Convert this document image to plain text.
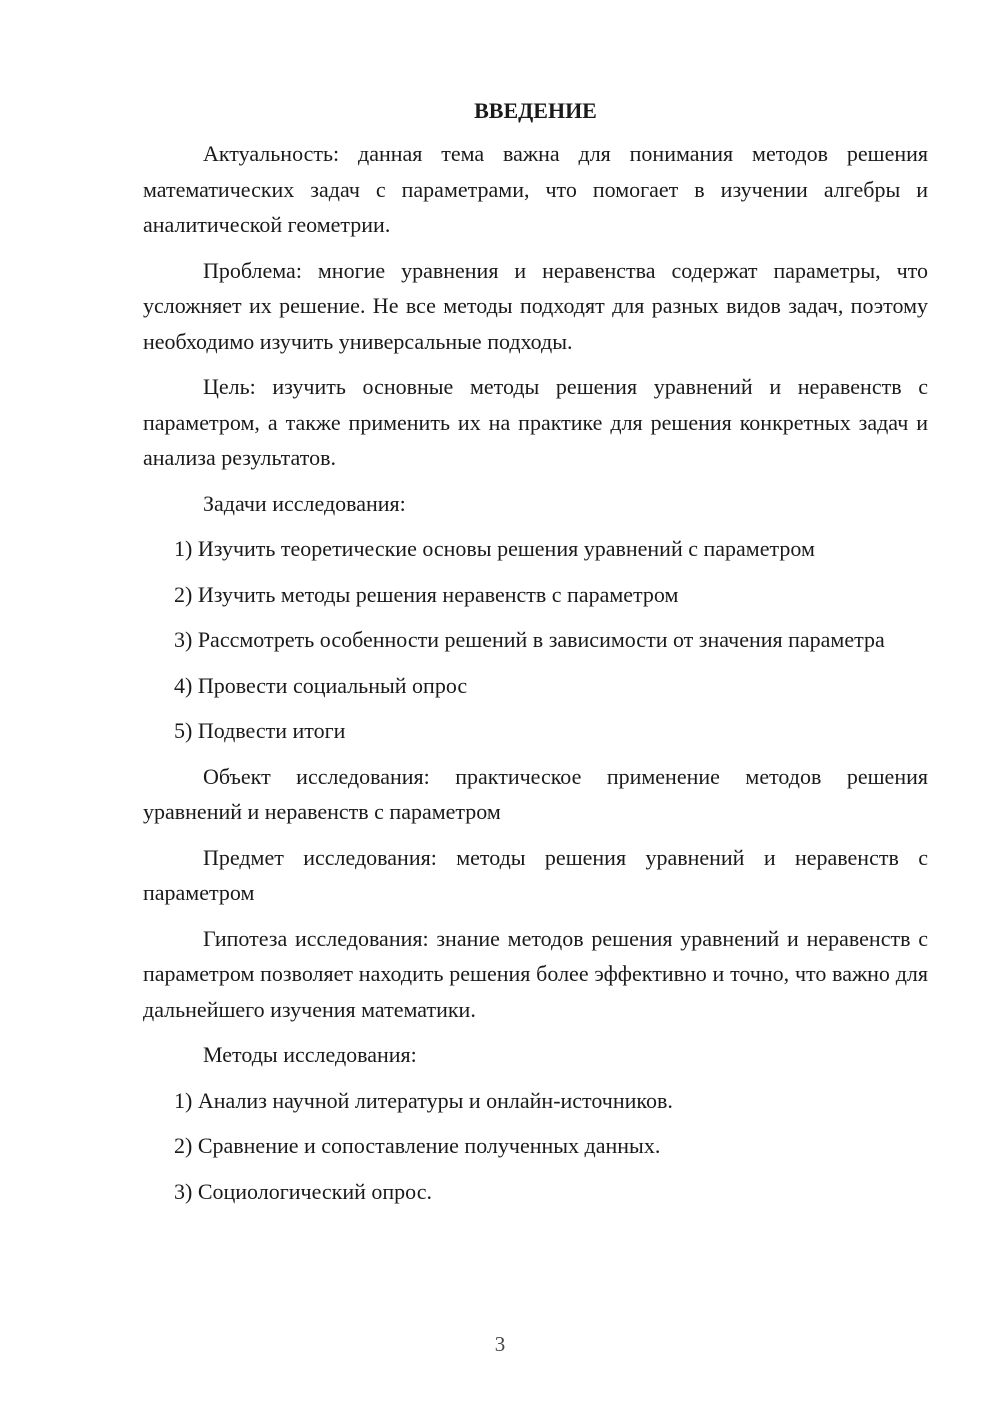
ВВЕДЕНИЕ

Актуальность: данная тема важна для понимания методов решения математических задач с параметрами, что помогает в изучении алгебры и аналитической геометрии.

Проблема: многие уравнения и неравенства содержат параметры, что усложняет их решение. Не все методы подходят для разных видов задач, поэтому необходимо изучить универсальные подходы.

Цель: изучить основные методы решения уравнений и неравенств с параметром, а также применить их на практике для решения конкретных задач и анализа результатов.

Задачи исследования:

1) Изучить теоретические основы решения уравнений с параметром

2) Изучить методы решения неравенств с параметром

3) Рассмотреть особенности решений в зависимости от значения параметра

4) Провести социальный опрос

5) Подвести итоги

Объект исследования: практическое применение методов решения уравнений и неравенств с параметром

Предмет исследования: методы решения уравнений и неравенств с параметром

Гипотеза исследования: знание методов решения уравнений и неравенств с параметром позволяет находить решения более эффективно и точно, что важно для дальнейшего изучения математики.

Методы исследования:

1) Анализ научной литературы и онлайн-источников.

2) Сравнение и сопоставление полученных данных.

3) Социологический опрос.

3
